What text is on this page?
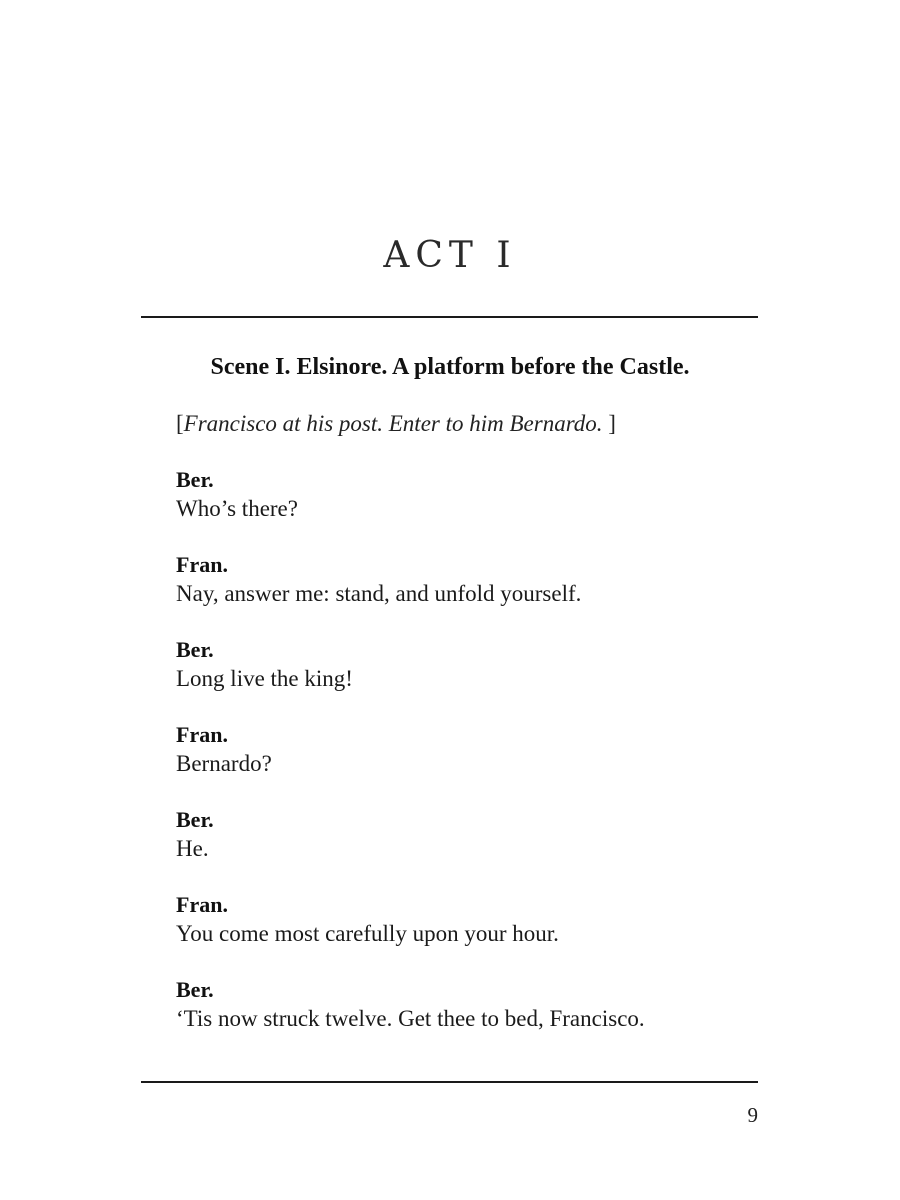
ACT I
Scene I. Elsinore. A platform before the Castle.
[Francisco at his post. Enter to him Bernardo. ]
Ber.
Who’s there?
Fran.
Nay, answer me: stand, and unfold yourself.
Ber.
Long live the king!
Fran.
Bernardo?
Ber.
He.
Fran.
You come most carefully upon your hour.
Ber.
‘Tis now struck twelve. Get thee to bed, Francisco.
9
